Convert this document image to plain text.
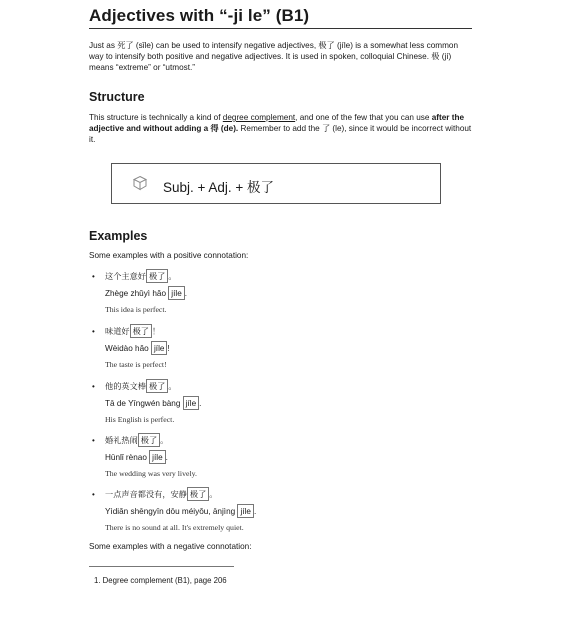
Adjectives with “-ji le” (B1)
Just as 死了 (sǐle) can be used to intensify negative adjectives, 极了 (jíle) is a somewhat less common way to intensify both positive and negative adjectives. It is used in spoken, colloquial Chinese. 极 (jí) means “extreme” or “utmost.”
Structure
This structure is technically a kind of degree complement, and one of the few that you can use after the adjective and without adding a 得 (de). Remember to add the 了 (le), since it would be incorrect without it.
Subj. + Adj. + 极了
Examples
Some examples with a positive connotation:
• 这个主意好 极了 。
Zhège zhǔyì hǎo jíle .
This idea is perfect.
• 味道好 极了 ！
Wèidào hǎo jíle !
The taste is perfect!
• 他的英文棒 极了 。
Tā de Yīngwén bàng jíle .
His English is perfect.
• 婚礼热闹 极了 。
Hūnlǐ rènao jíle .
The wedding was very lively.
• 一点声音都没有，安静 极了 。
Yìdiǎn shēngyīn dōu méiyǒu, ānjìng jíle .
There is no sound at all. It's extremely quiet.
Some examples with a negative connotation:
1. Degree complement (B1), page 206
